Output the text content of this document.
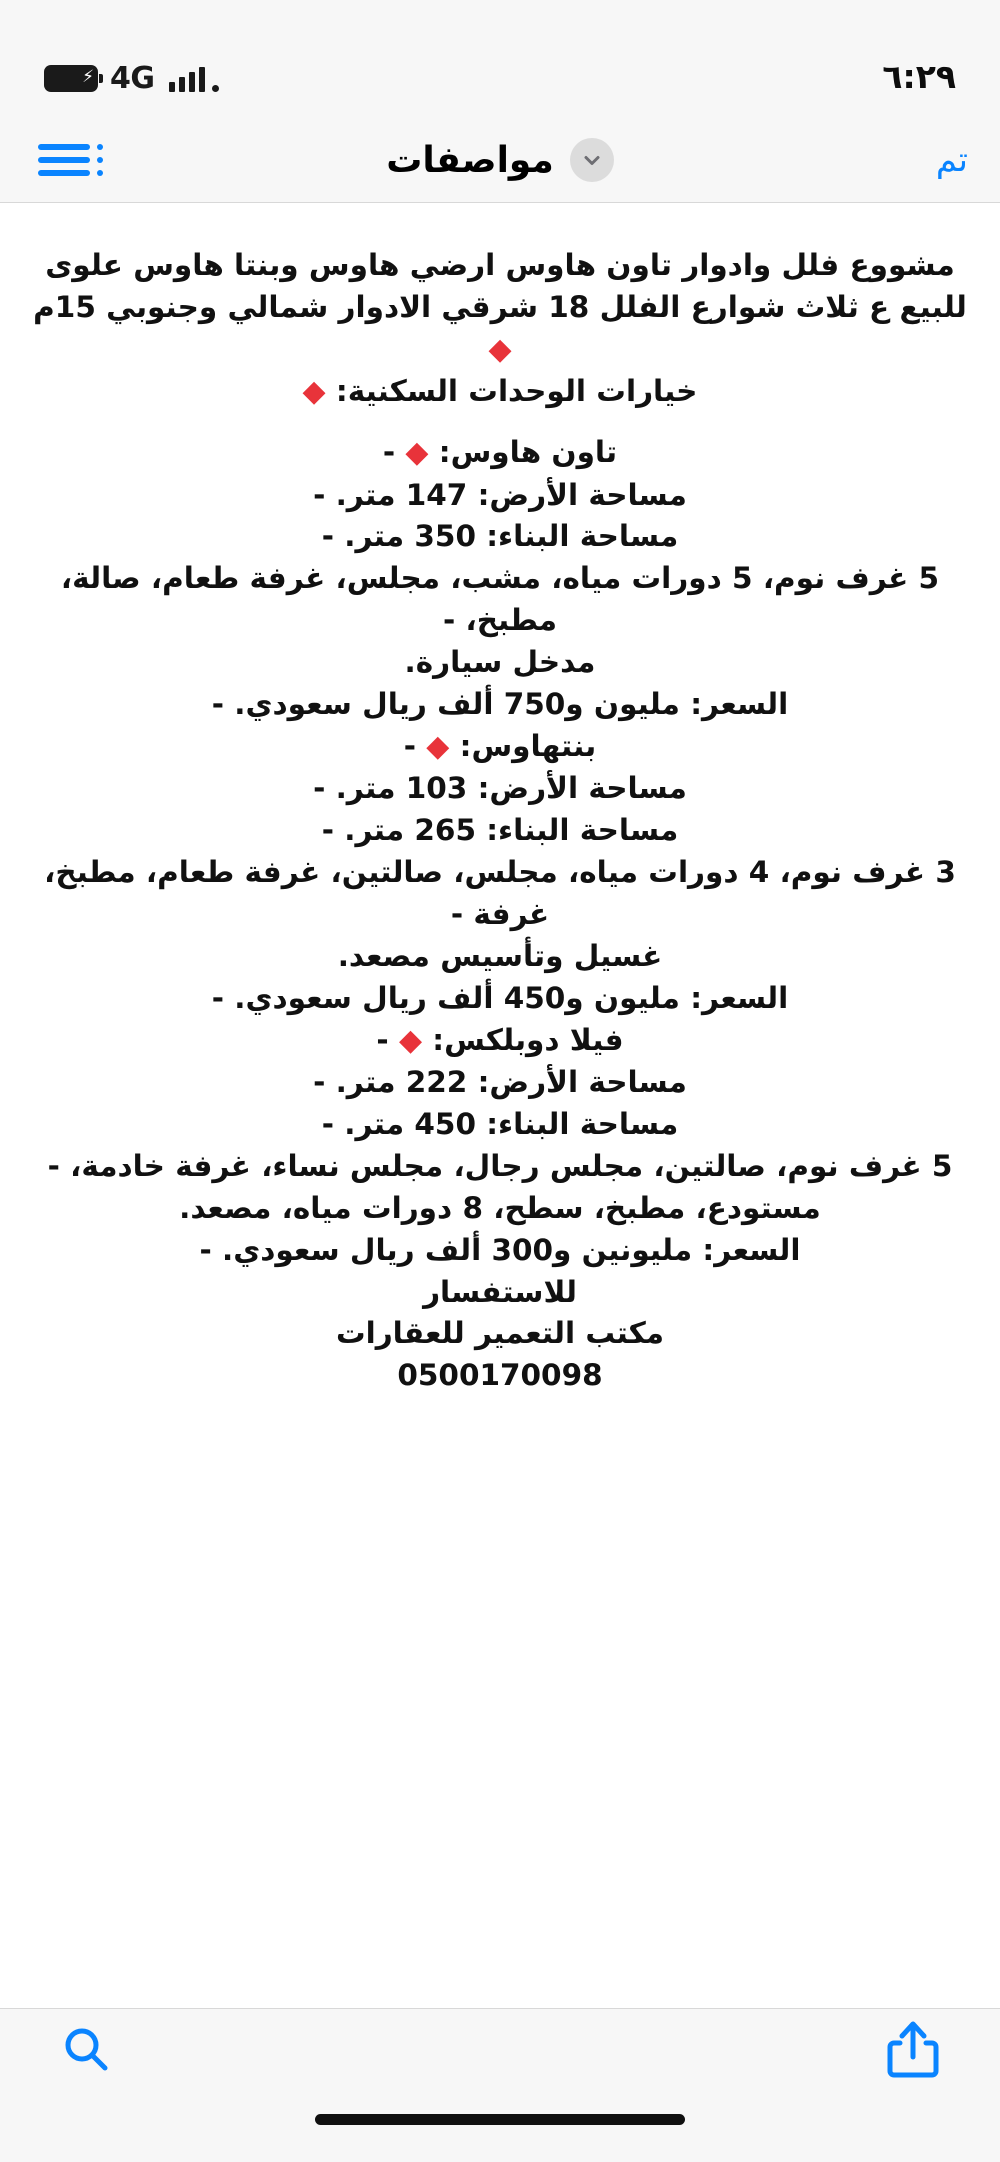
⚡ 4G	٦:٢٩
تم
مواصفات

مشووع فلل وادوار تاون هاوس ارضي هاوس وبنتا هاوس علوى

للبيع ع ثلاث شوارع الفلل 18 شرقي الادوار شمالي وجنوبي 15م ◆

خيارات الوحدات السكنية: ◆

تاون هاوس: ◆ -

مساحة الأرض: 147 متر. -

مساحة البناء: 350 متر. -

5 غرف نوم، 5 دورات مياه، مشب، مجلس، غرفة طعام، صالة، مطبخ، -

مدخل سيارة.

السعر: مليون و750 ألف ريال سعودي. -

بنتهاوس: ◆ -

مساحة الأرض: 103 متر. -

مساحة البناء: 265 متر. -

3 غرف نوم، 4 دورات مياه، مجلس، صالتين، غرفة طعام، مطبخ، غرفة -

غسيل وتأسيس مصعد.

السعر: مليون و450 ألف ريال سعودي. -

فيلا دوبلكس: ◆ -

مساحة الأرض: 222 متر. -

مساحة البناء: 450 متر. -

5 غرف نوم، صالتين، مجلس رجال، مجلس نساء، غرفة خادمة، -

مستودع، مطبخ، سطح، 8 دورات مياه، مصعد.

السعر: مليونين و300 ألف ريال سعودي. -

للاستفسار

مكتب التعمير للعقارات

0500170098
